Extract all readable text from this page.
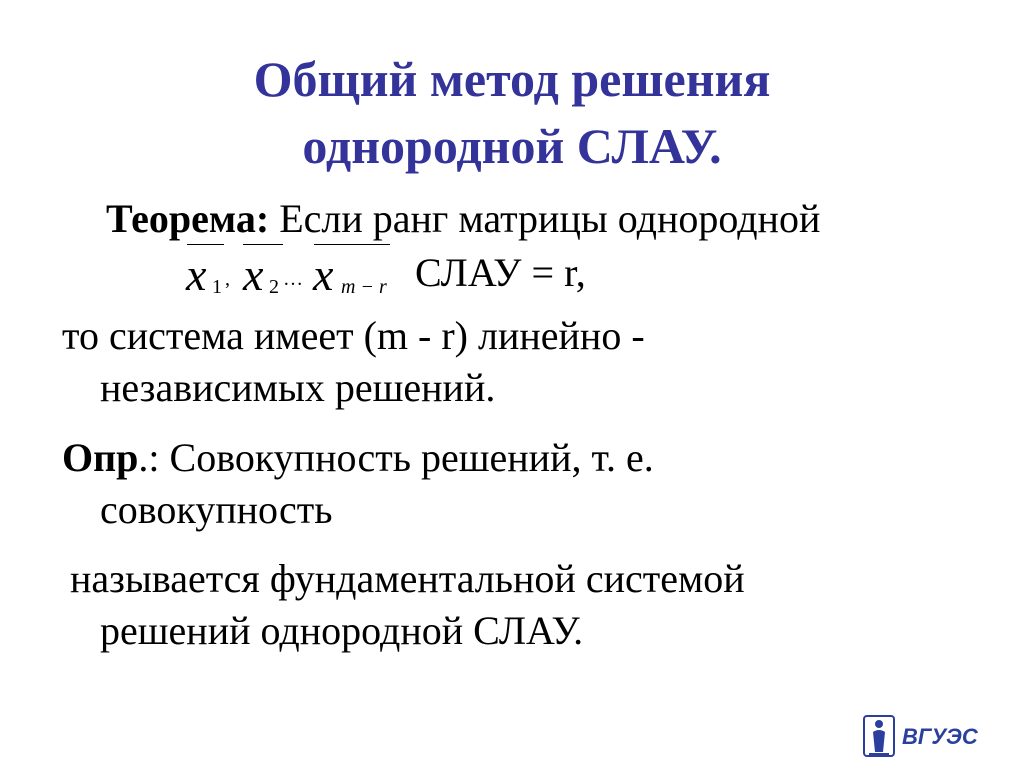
Общий метод решения
однородной СЛАУ.
Теорема: Если ранг матрицы однородной
x 1 , x 2 … x m − r СЛАУ = r,
то система имеет (m - r) линейно -
независимых решений.
Опр.: Совокупность решений, т. е.
совокупность
называется фундаментальной системой
решений однородной СЛАУ.
ВГУЭС
